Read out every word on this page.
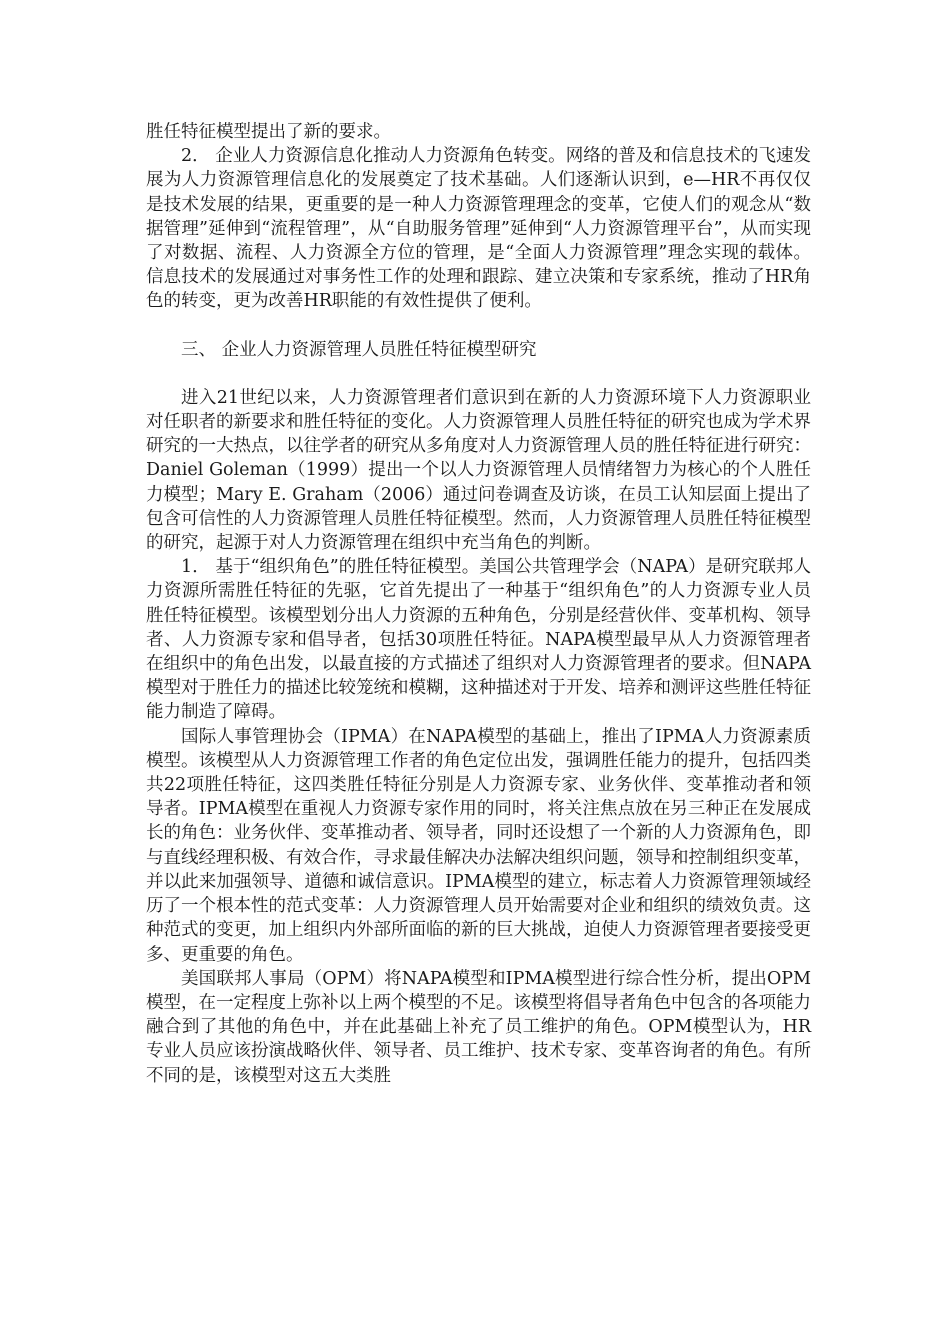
胜任特征模型提出了新的要求。

2． 企业人力资源信息化推动人力资源角色转变。网络的普及和信息技术的飞速发展为人力资源管理信息化的发展奠定了技术基础。人们逐渐认识到，e—HR不再仅仅是技术发展的结果，更重要的是一种人力资源管理理念的变革，它使人们的观念从“数据管理”延伸到“流程管理”，从“自助服务管理”延伸到“人力资源管理平台”，从而实现了对数据、流程、人力资源全方位的管理，是“全面人力资源管理”理念实现的载体。信息技术的发展通过对事务性工作的处理和跟踪、建立决策和专家系统，推动了HR角色的转变，更为改善HR职能的有效性提供了便利。

三、 企业人力资源管理人员胜任特征模型研究

进入21世纪以来，人力资源管理者们意识到在新的人力资源环境下人力资源职业对任职者的新要求和胜任特征的变化。人力资源管理人员胜任特征的研究也成为学术界研究的一大热点，以往学者的研究从多角度对人力资源管理人员的胜任特征进行研究：Daniel Goleman（1999）提出一个以人力资源管理人员情绪智力为核心的个人胜任力模型；Mary E. Graham（2006）通过问卷调查及访谈，在员工认知层面上提出了包含可信性的人力资源管理人员胜任特征模型。然而，人力资源管理人员胜任特征模型的研究，起源于对人力资源管理在组织中充当角色的判断。

1． 基于“组织角色”的胜任特征模型。美国公共管理学会（NAPA）是研究联邦人力资源所需胜任特征的先驱，它首先提出了一种基于“组织角色”的人力资源专业人员胜任特征模型。该模型划分出人力资源的五种角色，分别是经营伙伴、变革机构、领导者、人力资源专家和倡导者，包括30项胜任特征。NAPA模型最早从人力资源管理者在组织中的角色出发，以最直接的方式描述了组织对人力资源管理者的要求。但NAPA模型对于胜任力的描述比较笼统和模糊，这种描述对于开发、培养和测评这些胜任特征能力制造了障碍。

国际人事管理协会（IPMA）在NAPA模型的基础上，推出了IPMA人力资源素质模型。该模型从人力资源管理工作者的角色定位出发，强调胜任能力的提升，包括四类共22项胜任特征，这四类胜任特征分别是人力资源专家、业务伙伴、变革推动者和领导者。IPMA模型在重视人力资源专家作用的同时，将关注焦点放在另三种正在发展成长的角色：业务伙伴、变革推动者、领导者，同时还设想了一个新的人力资源角色，即与直线经理积极、有效合作，寻求最佳解决办法解决组织问题，领导和控制组织变革，并以此来加强领导、道德和诚信意识。IPMA模型的建立，标志着人力资源管理领域经历了一个根本性的范式变革：人力资源管理人员开始需要对企业和组织的绩效负责。这种范式的变更，加上组织内外部所面临的新的巨大挑战，迫使人力资源管理者要接受更多、更重要的角色。

美国联邦人事局（OPM）将NAPA模型和IPMA模型进行综合性分析，提出OPM模型，在一定程度上弥补以上两个模型的不足。该模型将倡导者角色中包含的各项能力融合到了其他的角色中，并在此基础上补充了员工维护的角色。OPM模型认为，HR专业人员应该扮演战略伙伴、领导者、员工维护、技术专家、变革咨询者的角色。有所不同的是，该模型对这五大类胜
